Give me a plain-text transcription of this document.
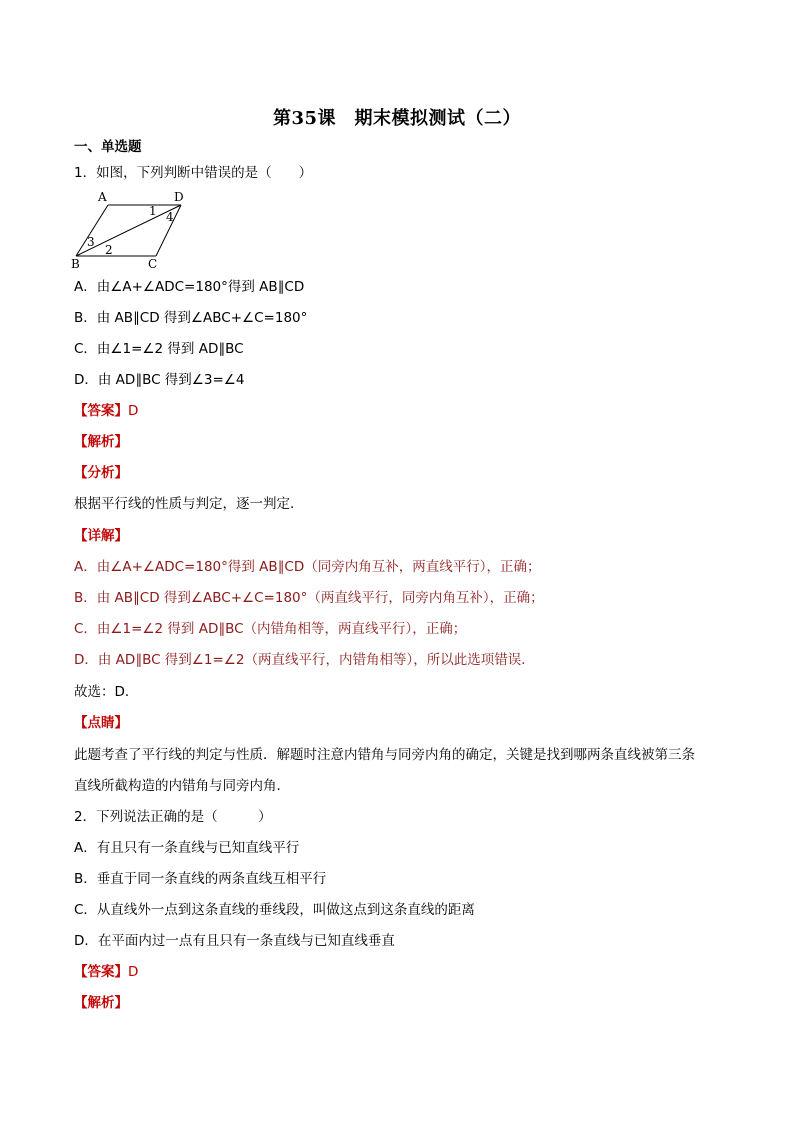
第35课　期末模拟测试（二）
一、单选题
1．如图，下列判断中错误的是（　　）
A	D
B	C
1
2
3
4
A．由∠A+∠ADC=180°得到 AB∥CD
B．由 AB∥CD 得到∠ABC+∠C=180°
C．由∠1=∠2 得到 AD∥BC
D．由 AD∥BC 得到∠3=∠4
【答案】D
【解析】
【分析】
根据平行线的性质与判定，逐一判定．
【详解】
A．由∠A+∠ADC=180°得到 AB∥CD（同旁内角互补，两直线平行），正确；
B．由 AB∥CD 得到∠ABC+∠C=180°（两直线平行，同旁内角互补），正确；
C．由∠1=∠2 得到 AD∥BC（内错角相等，两直线平行），正确；
D．由 AD∥BC 得到∠1=∠2（两直线平行，内错角相等），所以此选项错误．
故选：D．
【点睛】
此题考查了平行线的判定与性质．解题时注意内错角与同旁内角的确定，关键是找到哪两条直线被第三条
直线所截构造的内错角与同旁内角．
2．下列说法正确的是（　　　）
A．有且只有一条直线与已知直线平行
B．垂直于同一条直线的两条直线互相平行
C．从直线外一点到这条直线的垂线段，叫做这点到这条直线的距离
D．在平面内过一点有且只有一条直线与已知直线垂直
【答案】D
【解析】
